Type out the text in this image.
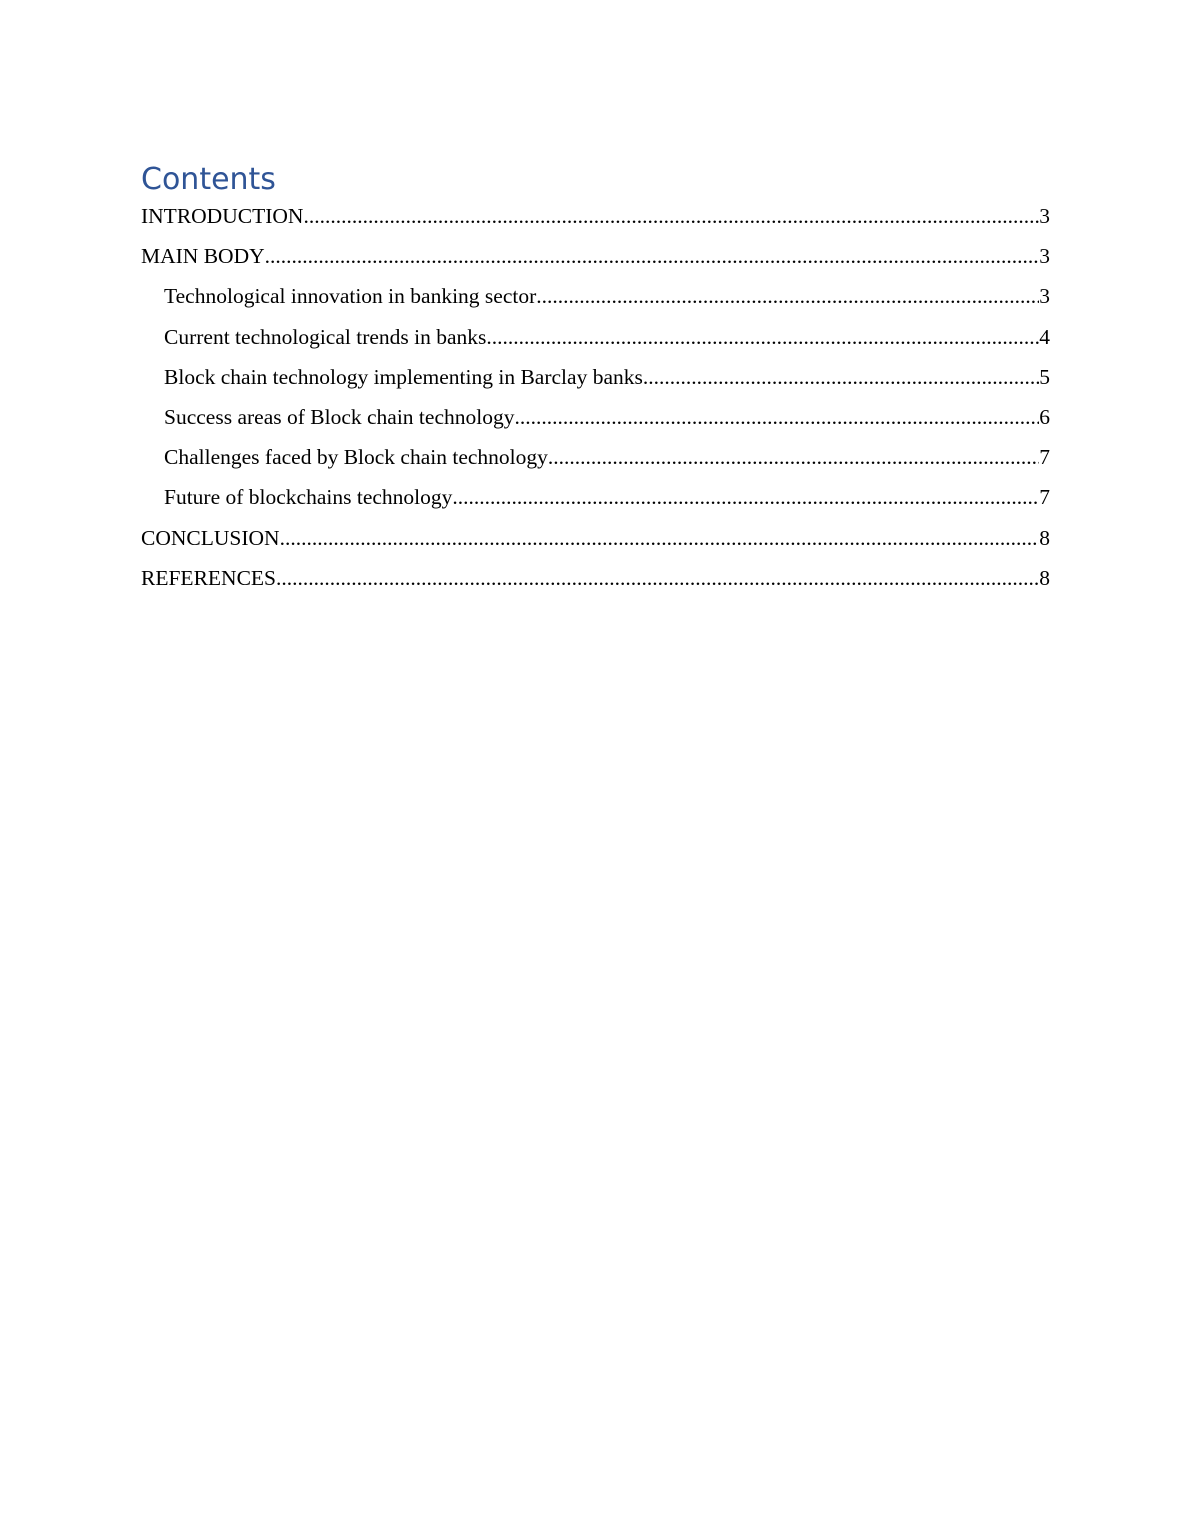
Contents
INTRODUCTION .....	3
MAIN BODY .....	3
Technological innovation in banking sector .....	3
Current technological trends in banks .....	4
Block chain technology implementing in Barclay banks .....	5
Success areas of Block chain technology .....	6
Challenges faced by Block chain technology .....	7
Future of blockchains technology .....	7
CONCLUSION .....	8
REFERENCES .....	8
